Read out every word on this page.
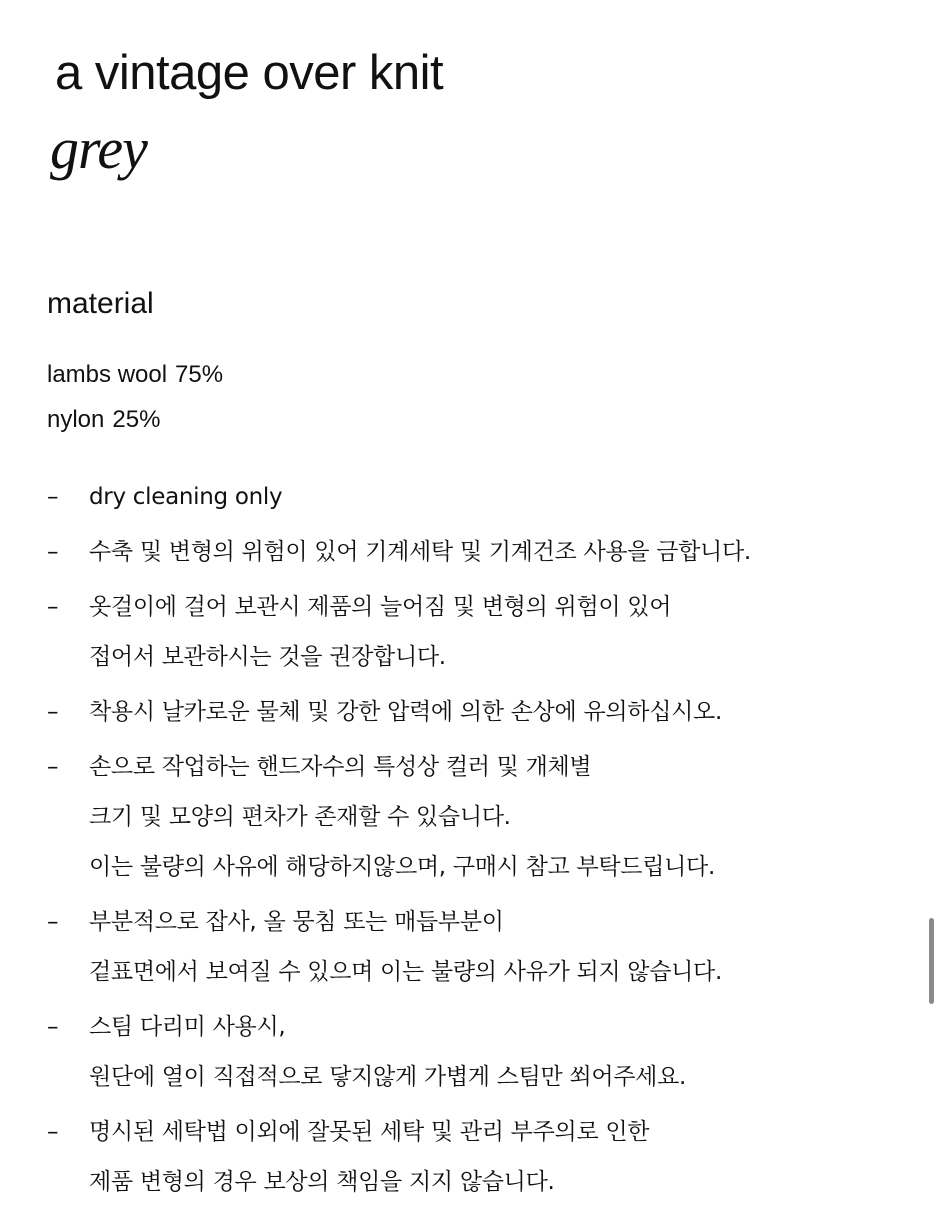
a vintage over knit
grey
material
lambs wool 75%
nylon 25%
–	dry cleaning only
–	수축 및 변형의 위험이 있어 기계세탁 및 기계건조 사용을 금합니다.
–	옷걸이에 걸어 보관시 제품의 늘어짐 및 변형의 위험이 있어
접어서 보관하시는 것을 권장합니다.
–	착용시 날카로운 물체 및 강한 압력에 의한 손상에 유의하십시오.
–	손으로 작업하는 핸드자수의 특성상 컬러 및 개체별
크기 및 모양의 편차가 존재할 수 있습니다.
이는 불량의 사유에 해당하지않으며, 구매시 참고 부탁드립니다.
–	부분적으로 잡사, 올 뭉침 또는 매듭부분이
겉표면에서 보여질 수 있으며 이는 불량의 사유가 되지 않습니다.
–	스팀 다리미 사용시,
원단에 열이 직접적으로 닿지않게 가볍게 스팀만 쐬어주세요.
–	명시된 세탁법 이외에 잘못된 세탁 및 관리 부주의로 인한
제품 변형의 경우 보상의 책임을 지지 않습니다.
